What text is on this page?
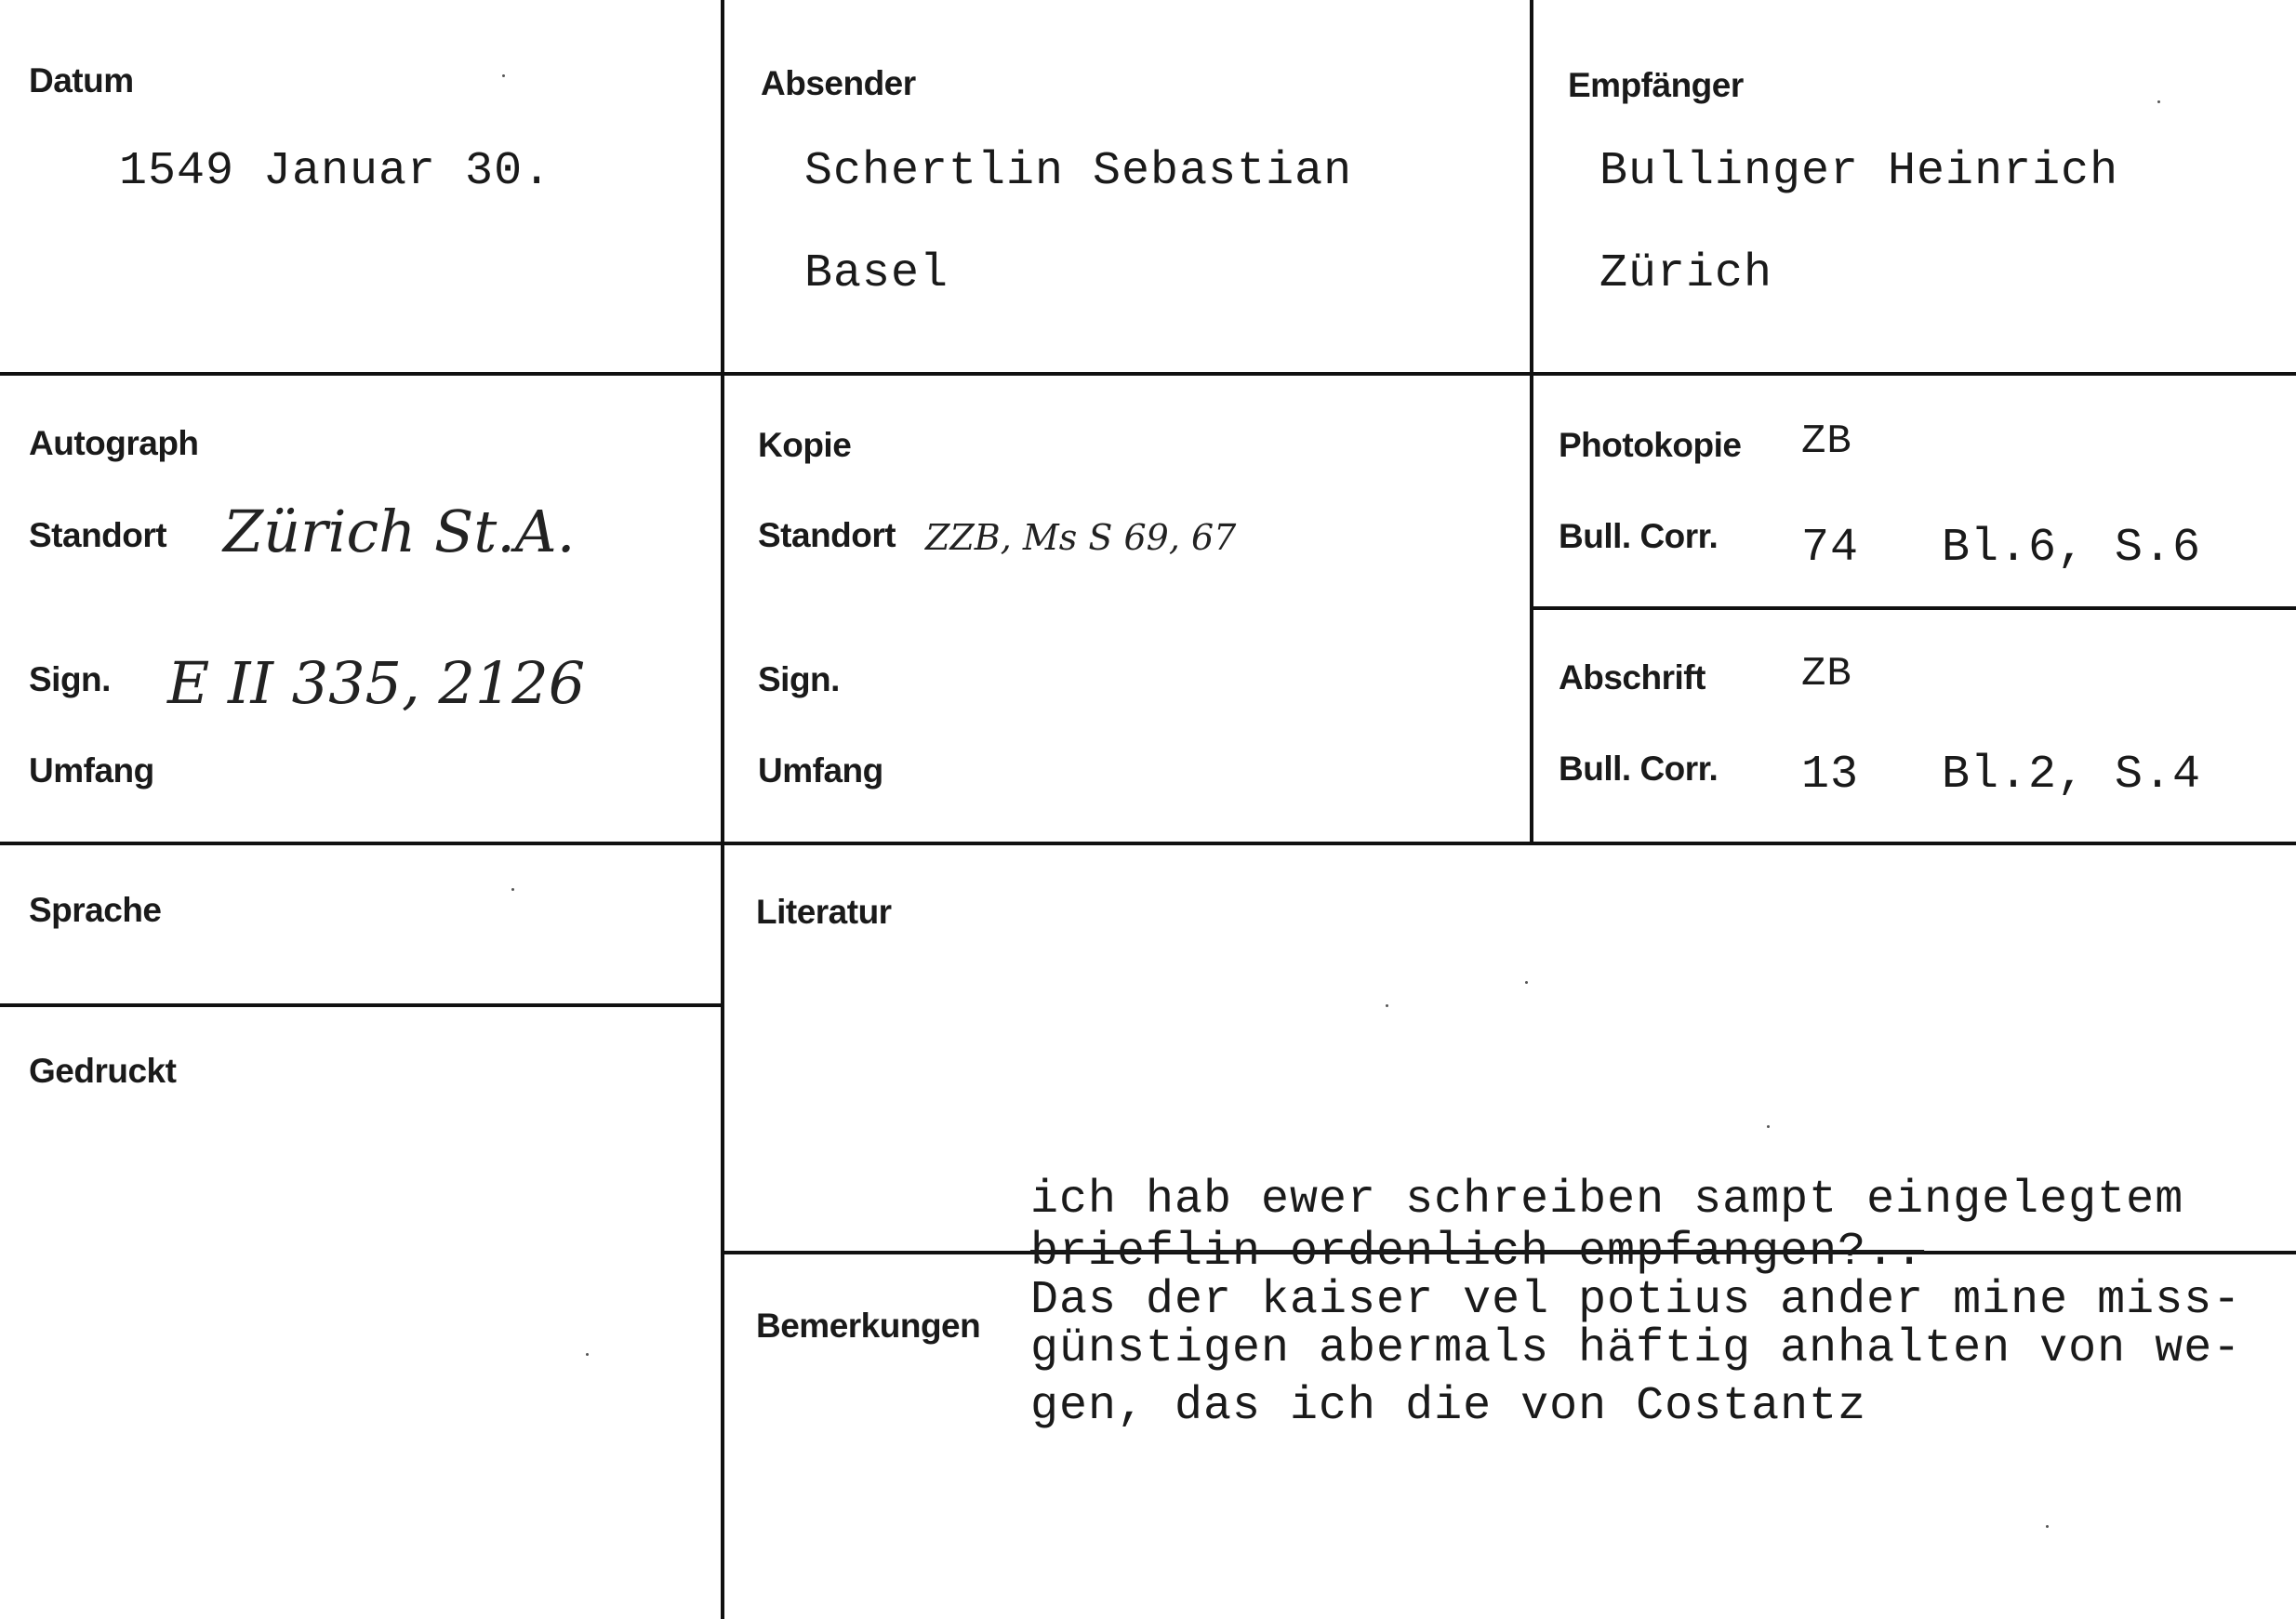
Datum
1549 Januar 30.
Absender
Schertlin Sebastian
Basel
Empfänger
Bullinger Heinrich
Zürich
Autograph
Standort Zürich St.A.
Sign. E II 335, 2126
Umfang
Kopie
Standort ZZB, Ms S 69, 67
Sign.
Umfang
Photokopie ZB
Bull. Corr. 74 Bl.6, S.6
Abschrift ZB
Bull. Corr. 13 Bl.2, S.4
Sprache
Gedruckt
Literatur
Bemerkungen
ich hab ewer schreiben sampt eingelegtem
brieflin ordenlich empfangen?..
Das der kaiser vel potius ander mine miss-
günstigen abermals häftig anhalten von we-
gen, das ich die von Costantz
